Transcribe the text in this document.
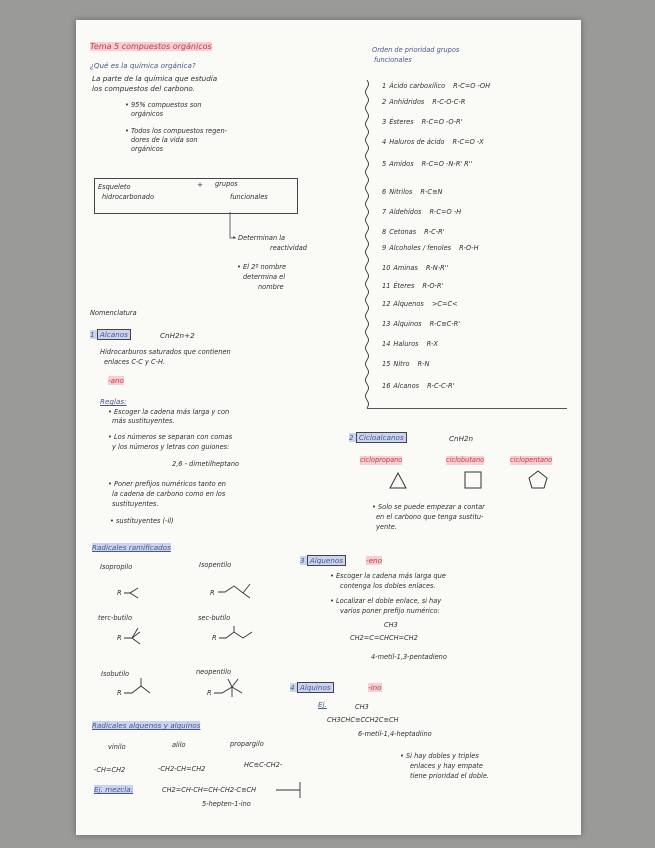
Tema 5 compuestos orgánicos
¿Qué es la química orgánica?
La parte de la química que estudia
los compuestos del carbono.
• 95% compuestos son
orgánicos
• Todos los compuestos regen-
dores de la vida son
orgánicos
Esqueleto
hidrocarbonado
+ grupos
funcionales
• Determinan la
reactividad
• El 2º nombre
determina el
nombre
Nomenclatura
1 Alcanos	CnH2n+2
Hidrocarburos saturados que contienen
enlaces C-C y C-H.
-ano
Reglas:
• Escoger la cadena más larga y con
más sustituyentes.
• Los números se separan con comas
y los números y letras con guiones:
2,6 - dimetilheptano
• Poner prefijos numéricos tanto en
la cadena de carbono como en los
sustituyentes.
• sustituyentes (-il)
Radicales ramificados
Isopropilo	Isopentilo
terc-butilo	sec-butilo
Isobutilo	neopentilo
R	R
R	R
R	R
Radicales alquenos y alquinos
vinilo	alilo	propargilo
-CH=CH2	-CH2-CH=CH2	HC≡C-CH2-
Ej. mezcla:	CH2=CH-CH=CH-CH2-C≡CH
5-hepten-1-ino
Orden de prioridad grupos
funcionales
1 Ácido carboxílico R-C=O -OH
2 Anhídridos R-C-O-C-R
3 Ésteres R-C=O -O-R'
4 Haluros de ácido R-C=O -X
5 Amidos R-C=O -N-R' R''
6 Nitrilos R-C≡N
7 Aldehídos R-C=O -H
8 Cetonas R-C-R'
9 Alcoholes / fenoles R-O-H
10 Aminas R-N-R''
11 Éteres R-O-R'
12 Alquenos >C=C<
13 Alquinos R-C≡C-R'
14 Haluros R-X
15 Nitro R-N
16 Alcanos R-C-C-R'
2 Cicloalcanos	CnH2n
ciclopropano	ciclobutano	ciclopentano
• Solo se puede empezar a contar
en el carbono que tenga sustitu-
yente.
3 Alquenos	-eno
• Escoger la cadena más larga que
contenga los dobles enlaces.
• Localizar el doble enlace, si hay
varios poner prefijo numérico:
CH3
CH2=C=CHCH=CH2
4-metil-1,3-pentadieno
4 Alquinos	-ino
Ej.	CH3
CH3CHC≡CCH2C≡CH
6-metil-1,4-heptadiino
• Si hay dobles y triples
enlaces y hay empate
tiene prioridad el doble.
